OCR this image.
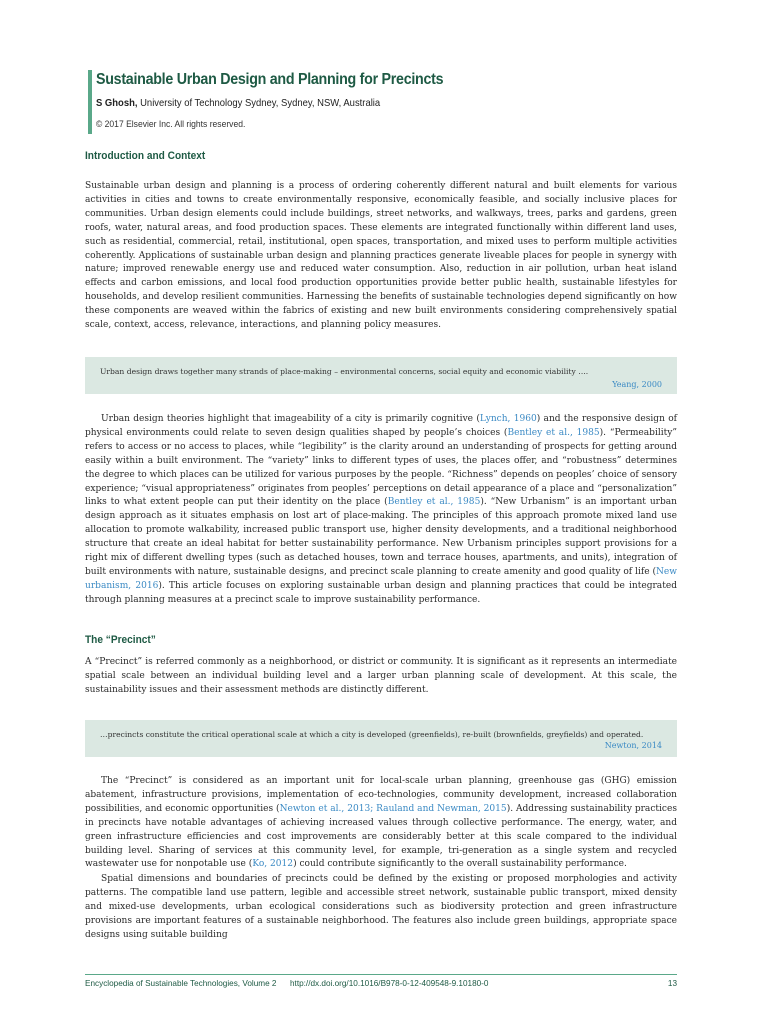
Sustainable Urban Design and Planning for Precincts
S Ghosh, University of Technology Sydney, Sydney, NSW, Australia
© 2017 Elsevier Inc. All rights reserved.
Introduction and Context

Sustainable urban design and planning is a process of ordering coherently different natural and built elements for various activities in cities and towns to create environmentally responsive, economically feasible, and socially inclusive places for communities. Urban design elements could include buildings, street networks, and walkways, trees, parks and gardens, green roofs, water, natural areas, and food production spaces. These elements are integrated functionally within different land uses, such as residential, commercial, retail, institutional, open spaces, transportation, and mixed uses to perform multiple activities coherently. Applications of sustainable urban design and planning practices generate liveable places for people in synergy with nature; improved renewable energy use and reduced water consumption. Also, reduction in air pollution, urban heat island effects and carbon emissions, and local food production opportunities provide better public health, sustainable lifestyles for households, and develop resilient communities. Harnessing the benefits of sustainable technologies depend significantly on how these components are weaved within the fabrics of existing and new built environments considering comprehensively spatial scale, context, access, relevance, interactions, and planning policy measures.

Urban design draws together many strands of place-making – environmental concerns, social equity and economic viability ….
Yeang, 2000

Urban design theories highlight that imageability of a city is primarily cognitive (Lynch, 1960) and the responsive design of physical environments could relate to seven design qualities shaped by people’s choices (Bentley et al., 1985). “Permeability” refers to access or no access to places, while “legibility” is the clarity around an understanding of prospects for getting around easily within a built environment. The “variety” links to different types of uses, the places offer, and “robustness” determines the degree to which places can be utilized for various purposes by the people. “Richness” depends on peoples’ choice of sensory experience; “visual appropriateness” originates from peoples’ perceptions on detail appearance of a place and “personalization” links to what extent people can put their identity on the place (Bentley et al., 1985). “New Urbanism” is an important urban design approach as it situates emphasis on lost art of place-making. The principles of this approach promote mixed land use allocation to promote walkability, increased public transport use, higher density developments, and a traditional neighborhood structure that create an ideal habitat for better sustainability performance. New Urbanism principles support provisions for a right mix of different dwelling types (such as detached houses, town and terrace houses, apartments, and units), integration of built environments with nature, sustainable designs, and precinct scale planning to create amenity and good quality of life (New urbanism, 2016). This article focuses on exploring sustainable urban design and planning practices that could be integrated through planning measures at a precinct scale to improve sustainability performance.

The “Precinct”

A “Precinct” is referred commonly as a neighborhood, or district or community. It is significant as it represents an intermediate spatial scale between an individual building level and a larger urban planning scale of development. At this scale, the sustainability issues and their assessment methods are distinctly different.

…precincts constitute the critical operational scale at which a city is developed (greenfields), re-built (brownfields, greyfields) and operated.
Newton, 2014

The “Precinct” is considered as an important unit for local-scale urban planning, greenhouse gas (GHG) emission abatement, infrastructure provisions, implementation of eco-technologies, community development, increased collaboration possibilities, and economic opportunities (Newton et al., 2013; Rauland and Newman, 2015). Addressing sustainability practices in precincts have notable advantages of achieving increased values through collective performance. The energy, water, and green infrastructure efficiencies and cost improvements are considerably better at this scale compared to the individual building level. Sharing of services at this community level, for example, tri-generation as a single system and recycled wastewater use for nonpotable use (Ko, 2012) could contribute significantly to the overall sustainability performance.

Spatial dimensions and boundaries of precincts could be defined by the existing or proposed morphologies and activity patterns. The compatible land use pattern, legible and accessible street network, sustainable public transport, mixed density and mixed-use developments, urban ecological considerations such as biodiversity protection and green infrastructure provisions are important features of a sustainable neighborhood. The features also include green buildings, appropriate space designs using suitable building

Encyclopedia of Sustainable Technologies, Volume 2 http://dx.doi.org/10.1016/B978-0-12-409548-9.10180-0	13
